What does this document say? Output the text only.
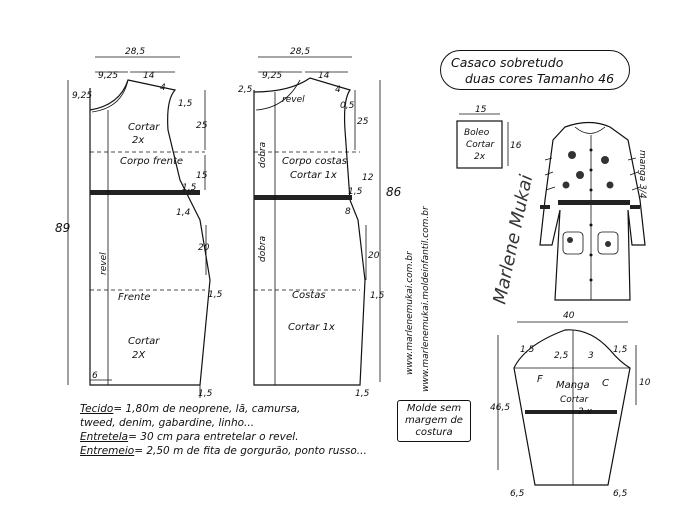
28,5
9,25	14
9,25
89
4
1,5
25
15
1,5
1,4
20
1,5
6
1,5
Cortar
2x
Corpo frente
revel
Frente
Cortar
2X
28,5
9,25	14
2,5	4
0,5
revel
86
25
12
1,5
8
20
1,5
1,5
dobra
dobra
Corpo costas
Cortar 1x
Costas
Cortar 1x	www.marlenemukai.com.br www.marlenemukai.moldeinfantil.com.br
15
16
Boleo
Cortar
2x	manga 3/4
Marlene Mukai
40
1,5
2,5 3
1,5
10
46,5
F	C
Manga
Cortar
2 x
6,5	6,5
Casaco sobretudo
duas cores Tamanho 46
Molde sem
margem de
costura
Tecido= 1,80m de neoprene, lã, camursa,
tweed, denim, gabardine, linho...
Entretela= 30 cm para entretelar o revel.
Entremeio= 2,50 m de fita de gorgurão, ponto russo...
